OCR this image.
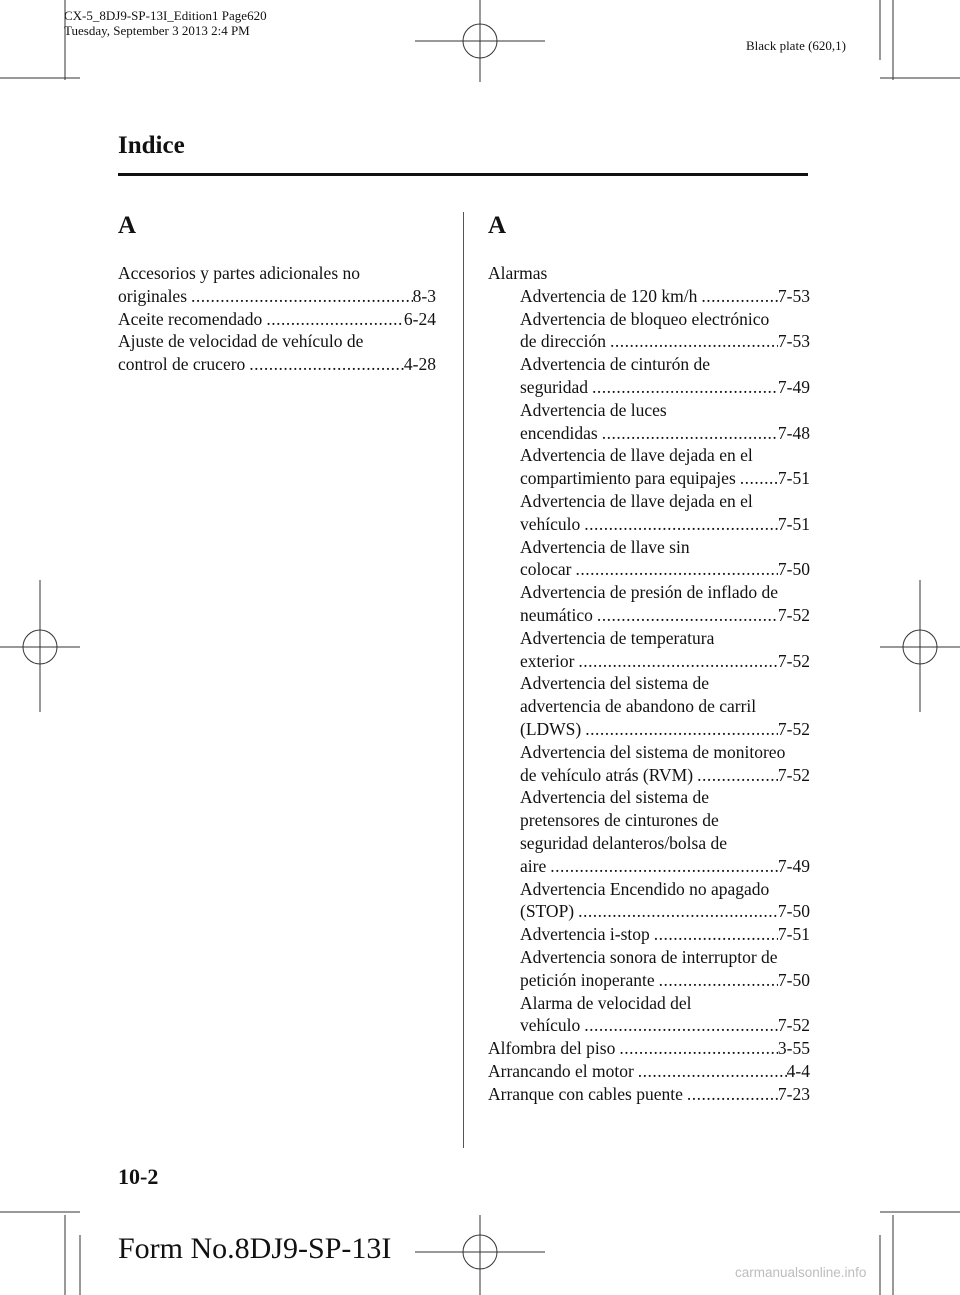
CX-5_8DJ9-SP-13I_Edition1 Page620
Tuesday, September 3 2013 2:4 PM
Black plate (620,1)
Indice
A
Accesorios y partes adicionales no
originales .....	8-3
Aceite recomendado .....	6-24
Ajuste de velocidad de vehículo de
control de crucero .....	4-28
A
Alarmas
Advertencia de 120 km/h .....	7-53
Advertencia de bloqueo electrónico
de dirección .....	7-53
Advertencia de cinturón de
seguridad .....	7-49
Advertencia de luces
encendidas .....	7-48
Advertencia de llave dejada en el
compartimiento para equipajes ..... 7-51
Advertencia de llave dejada en el
vehículo .....	7-51
Advertencia de llave sin
colocar .....	7-50
Advertencia de presión de inflado de
neumático .....	7-52
Advertencia de temperatura
exterior .....	7-52
Advertencia del sistema de
advertencia de abandono de carril
(LDWS) .....	7-52
Advertencia del sistema de monitoreo
de vehículo atrás (RVM) .....	7-52
Advertencia del sistema de
pretensores de cinturones de
seguridad delanteros/bolsa de
aire .....	7-49
Advertencia Encendido no apagado
(STOP) .....	7-50
Advertencia i-stop .....	7-51
Advertencia sonora de interruptor de
petición inoperante .....	7-50
Alarma de velocidad del
vehículo .....	7-52
Alfombra del piso .....	3-55
Arrancando el motor .....	4-4
Arranque con cables puente .....	7-23
10-2
Form No.8DJ9-SP-13I
carmanualsonline.info
